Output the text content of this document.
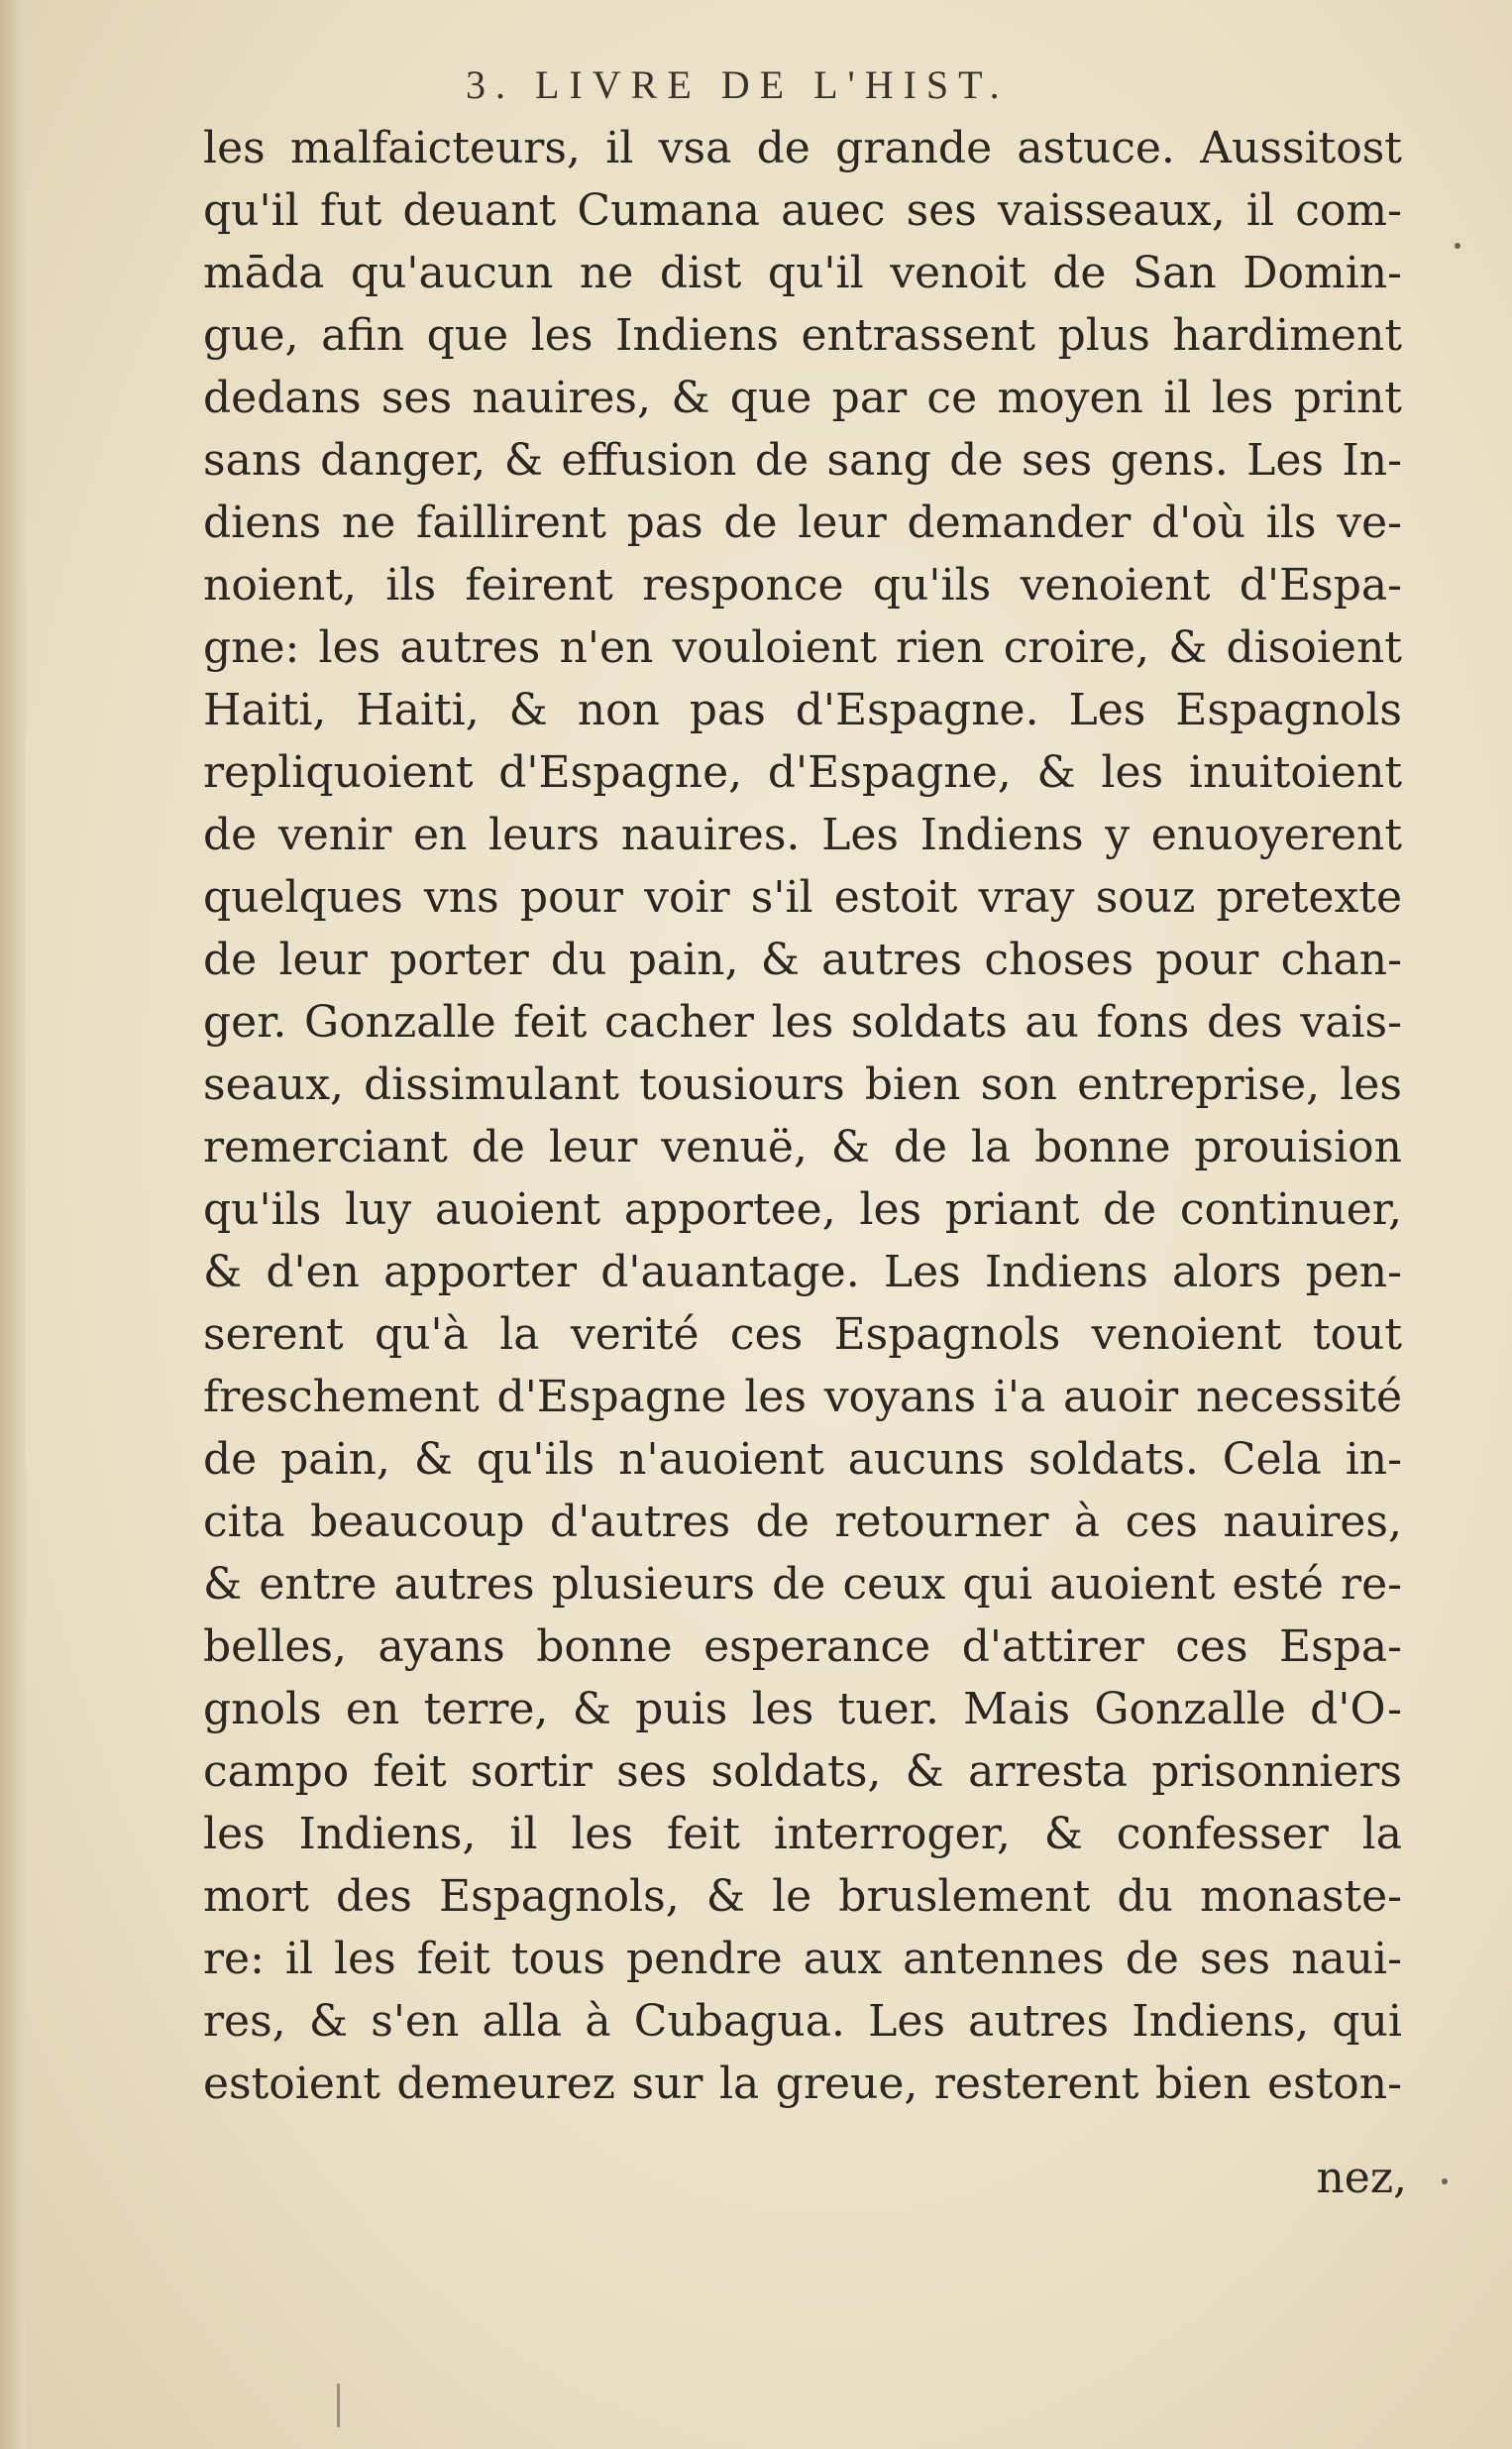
3. LIVRE DE L'HIST.
les malfaicteurs, il vsa de grande astuce. Aussitost
qu'il fut deuant Cumana auec ses vaisseaux, il com-
māda qu'aucun ne dist qu'il venoit de San Domin-
gue, afin que les Indiens entrassent plus hardiment
dedans ses nauires, & que par ce moyen il les print
sans danger, & effusion de sang de ses gens. Les In-
diens ne faillirent pas de leur demander d'où ils ve-
noient, ils feirent responce qu'ils venoient d'Espa-
gne: les autres n'en vouloient rien croire, & disoient
Haiti, Haiti, & non pas d'Espagne. Les Espagnols
repliquoient d'Espagne, d'Espagne, & les inuitoient
de venir en leurs nauires. Les Indiens y enuoyerent
quelques vns pour voir s'il estoit vray souz pretexte
de leur porter du pain, & autres choses pour chan-
ger. Gonzalle feit cacher les soldats au fons des vais-
seaux, dissimulant tousiours bien son entreprise, les
remerciant de leur venuë, & de la bonne prouision
qu'ils luy auoient apportee, les priant de continuer,
& d'en apporter d'auantage. Les Indiens alors pen-
serent qu'à la verité ces Espagnols venoient tout
freschement d'Espagne les voyans i'a auoir necessité
de pain, & qu'ils n'auoient aucuns soldats. Cela in-
cita beaucoup d'autres de retourner à ces nauires,
& entre autres plusieurs de ceux qui auoient esté re-
belles, ayans bonne esperance d'attirer ces Espa-
gnols en terre, & puis les tuer. Mais Gonzalle d'O-
campo feit sortir ses soldats, & arresta prisonniers
les Indiens, il les feit interroger, & confesser la
mort des Espagnols, & le bruslement du monaste-
re: il les feit tous pendre aux antennes de ses naui-
res, & s'en alla à Cubagua. Les autres Indiens, qui
estoient demeurez sur la greue, resterent bien eston-
nez,
